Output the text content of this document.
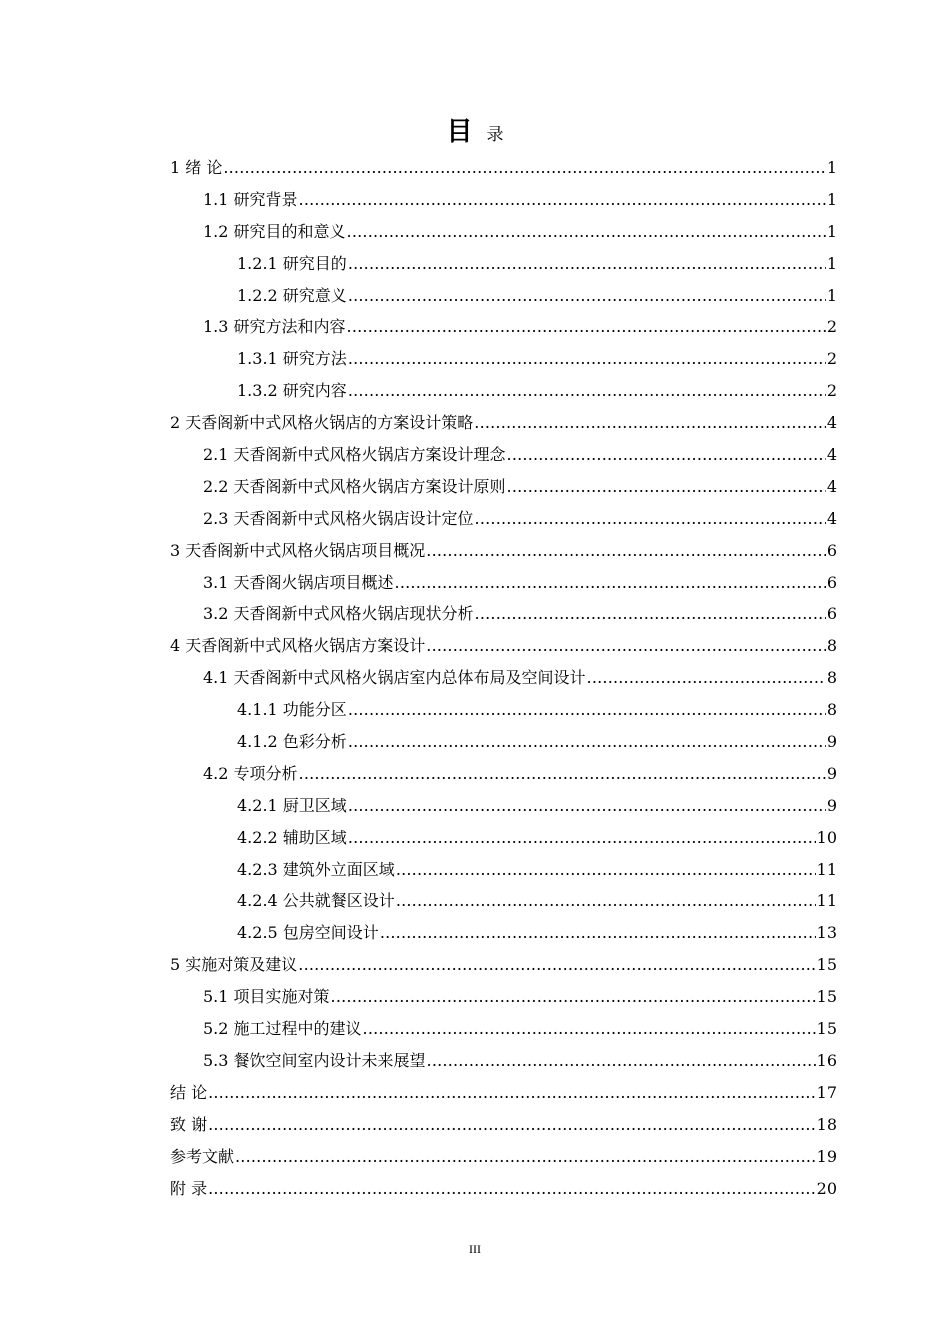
目录
1 绪 论 .....	1
1.1 研究背景 .....	1
1.2 研究目的和意义 .....	1
1.2.1 研究目的 .....	1
1.2.2 研究意义 .....	1
1.3 研究方法和内容 .....	2
1.3.1 研究方法 .....	2
1.3.2 研究内容 .....	2
2 天香阁新中式风格火锅店的方案设计策略 .....	4
2.1 天香阁新中式风格火锅店方案设计理念 .....	4
2.2 天香阁新中式风格火锅店方案设计原则 .....	4
2.3 天香阁新中式风格火锅店设计定位 .....	4
3 天香阁新中式风格火锅店项目概况 .....	6
3.1 天香阁火锅店项目概述 .....	6
3.2 天香阁新中式风格火锅店现状分析 .....	6
4 天香阁新中式风格火锅店方案设计 .....	8
4.1 天香阁新中式风格火锅店室内总体布局及空间设计 .....	8
4.1.1 功能分区 .....	8
4.1.2 色彩分析 .....	9
4.2 专项分析 .....	9
4.2.1 厨卫区域 .....	9
4.2.2 辅助区域 .....	10
4.2.3 建筑外立面区域 .....	11
4.2.4 公共就餐区设计 .....	11
4.2.5 包房空间设计 .....	13
5 实施对策及建议 .....	15
5.1 项目实施对策 .....	15
5.2 施工过程中的建议 .....	15
5.3 餐饮空间室内设计未来展望 .....	16
结 论 .....	17
致 谢 .....	18
参考文献 .....	19
附 录 .....	20
III
